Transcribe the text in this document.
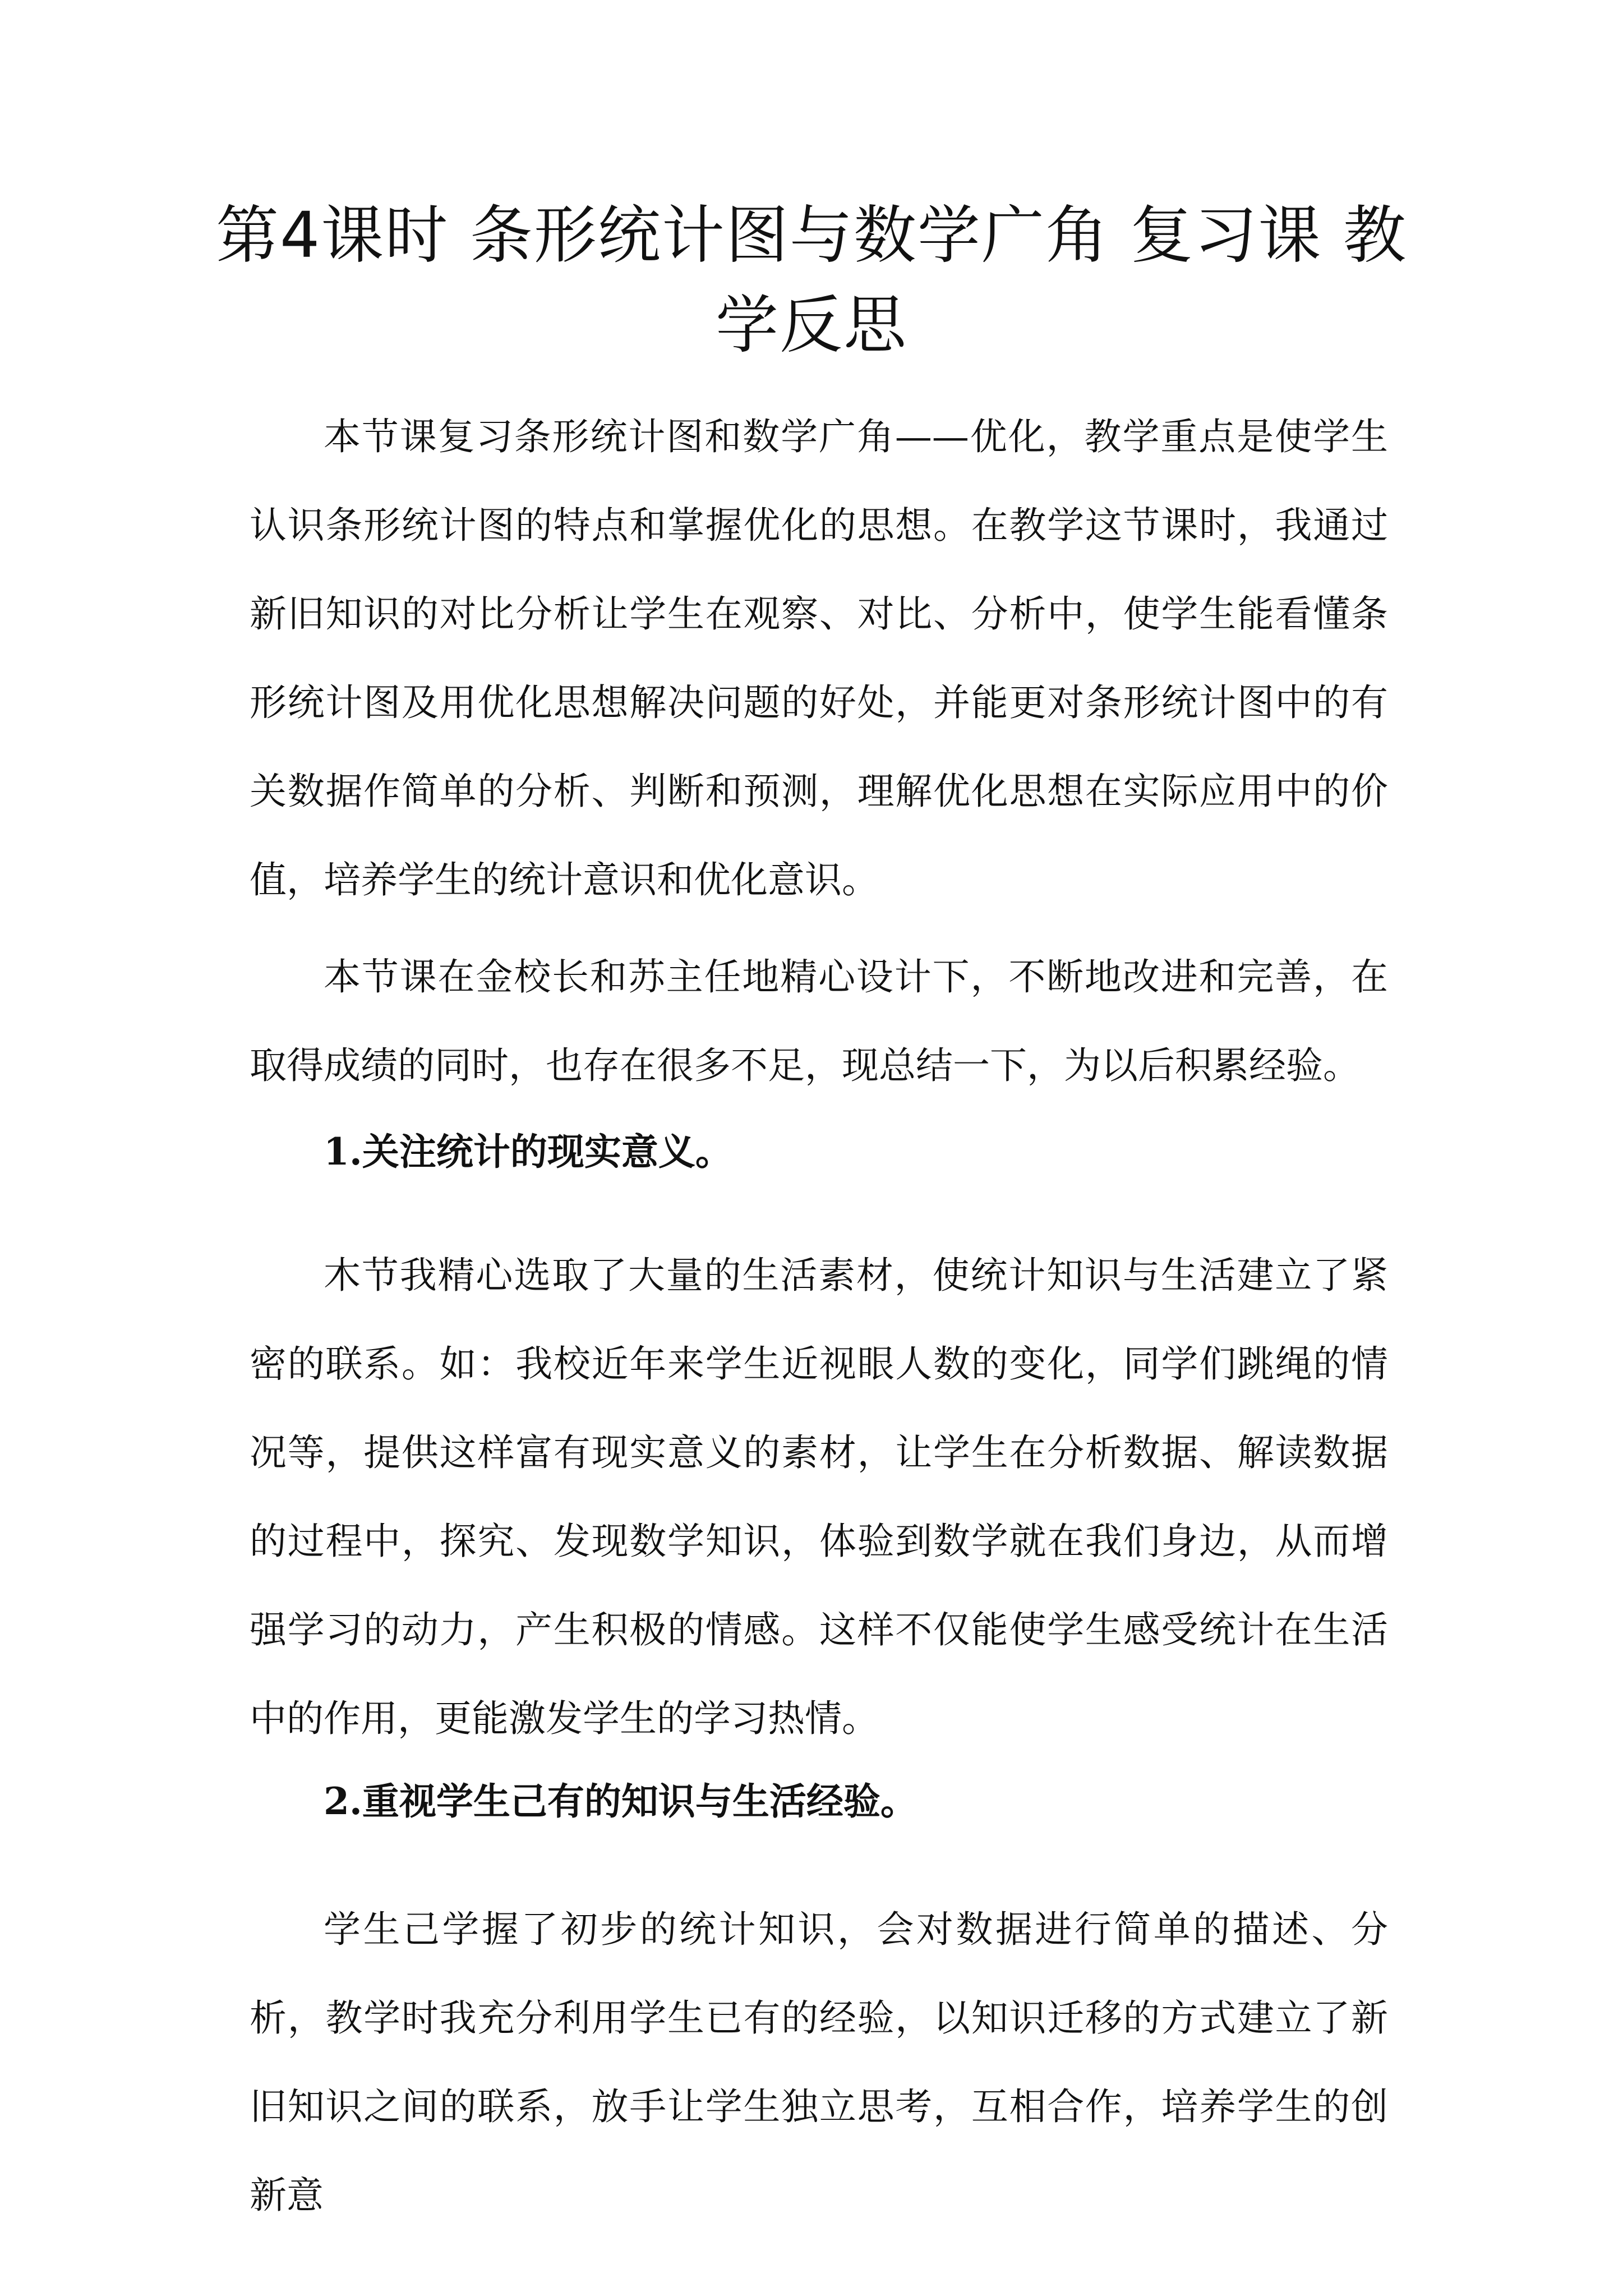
第4课时 条形统计图与数学广角 复习课 教学反思

本节课复习条形统计图和数学广角——优化，教学重点是使学生认识条形统计图的特点和掌握优化的思想。在教学这节课时，我通过新旧知识的对比分析让学生在观察、对比、分析中，使学生能看懂条形统计图及用优化思想解决问题的好处，并能更对条形统计图中的有关数据作简单的分析、判断和预测，理解优化思想在实际应用中的价值，培养学生的统计意识和优化意识。

本节课在金校长和苏主任地精心设计下，不断地改进和完善，在取得成绩的同时，也存在很多不足，现总结一下，为以后积累经验。

1.关注统计的现实意义。

木节我精心选取了大量的生活素材，使统计知识与生活建立了紧密的联系。如：我校近年来学生近视眼人数的变化，同学们跳绳的情况等，提供这样富有现实意义的素材，让学生在分析数据、解读数据的过程中，探究、发现数学知识，体验到数学就在我们身边，从而增强学习的动力，产生积极的情感。这样不仅能使学生感受统计在生活中的作用，更能激发学生的学习热情。

2.重视学生己有的知识与生活经验。

学生己学握了初步的统计知识，会对数据进行简单的描述、分析，教学时我充分利用学生已有的经验，以知识迁移的方式建立了新旧知识之间的联系，放手让学生独立思考，互相合作，培养学生的创新意
